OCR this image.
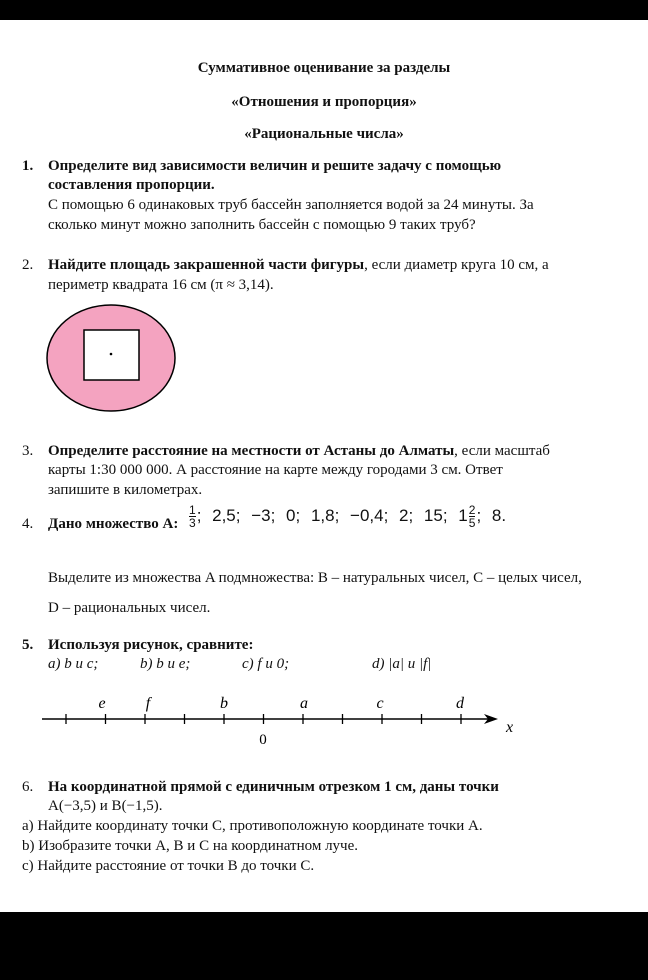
Суммативное оценивание за разделы
«Отношения и пропорция»
«Рациональные числа»
1. Определите вид зависимости величин и решите задачу с помощью
составления пропорции.
С помощью 6 одинаковых труб бассейн заполняется водой за 24 минуты. За
сколько минут можно заполнить бассейн с помощью 9 таких труб?
2. Найдите площадь закрашенной части фигуры, если диаметр круга 10 см, а
периметр квадрата 16 см (π ≈ 3,14).
3. Определите расстояние на местности от Астаны до Алматы, если масштаб
карты 1:30 000 000. А расстояние на карте между городами 3 см. Ответ
запишите в километрах.
4. Дано множество А: $\frac{1}{3}$ ; 2,5; −3; 0; 1,8; −0,4; 2; 15; $1 \frac{2}{5}$ ; 8.
Выделите из множества A подмножества: B – натуральных чисел, C – целых чисел,
D – рациональных чисел.
5. Используя рисунок, сравните:
а) b и с;	b) b и e;	c) f и 0;	d) |a| и |f|
e	f	b	a	c	d
0
x
6. На координатной прямой с единичным отрезком 1 см, даны точки
A(−3,5) и B(−1,5).
a) Найдите координату точки C, противоположную координате точки A.
b) Изобразите точки A, B и C на координатном луче.
c) Найдите расстояние от точки B до точки C.
